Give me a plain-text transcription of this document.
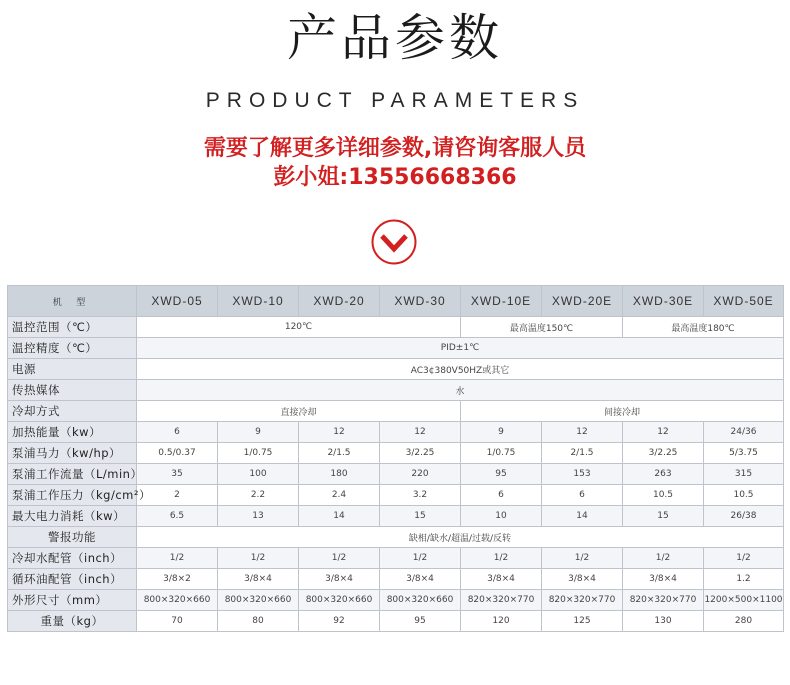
产品参数
PRODUCT PARAMETERS
需要了解更多详细参数,请咨询客服人员
彭小姐:13556668366
机 型	XWD-05	XWD-10	XWD-20	XWD-30	XWD-10E	XWD-20E	XWD-30E	XWD-50E
温控范围（℃）	120℃				最高温度150℃		最高温度180℃	
温控精度（℃）	PID±1℃							
电源	AC3¢380V50HZ或其它							
传热媒体	水							
冷却方式	直接冷却				间接冷却			
加热能量（kw）	6	9	12	12	9	12	12	24/36
泵浦马力（kw/hp）	0.5/0.37	1/0.75	2/1.5	3/2.25	1/0.75	2/1.5	3/2.25	5/3.75
泵浦工作流量（L/min）	35	100	180	220	95	153	263	315
泵浦工作压力（kg/cm²）	2	2.2	2.4	3.2	6	6	10.5	10.5
最大电力消耗（kw）	6.5	13	14	15	10	14	15	26/38
警报功能	缺相/缺水/超温/过载/反转							
冷却水配管（inch）	1/2	1/2	1/2	1/2	1/2	1/2	1/2	1/2
循环油配管（inch）	3/8×2	3/8×4	3/8×4	3/8×4	3/8×4	3/8×4	3/8×4	1.2
外形尺寸（mm）	800×320×660	800×320×660	800×320×660	800×320×660	820×320×770	820×320×770	820×320×770	1200×500×1100
重量（kg）	70	80	92	95	120	125	130	280
